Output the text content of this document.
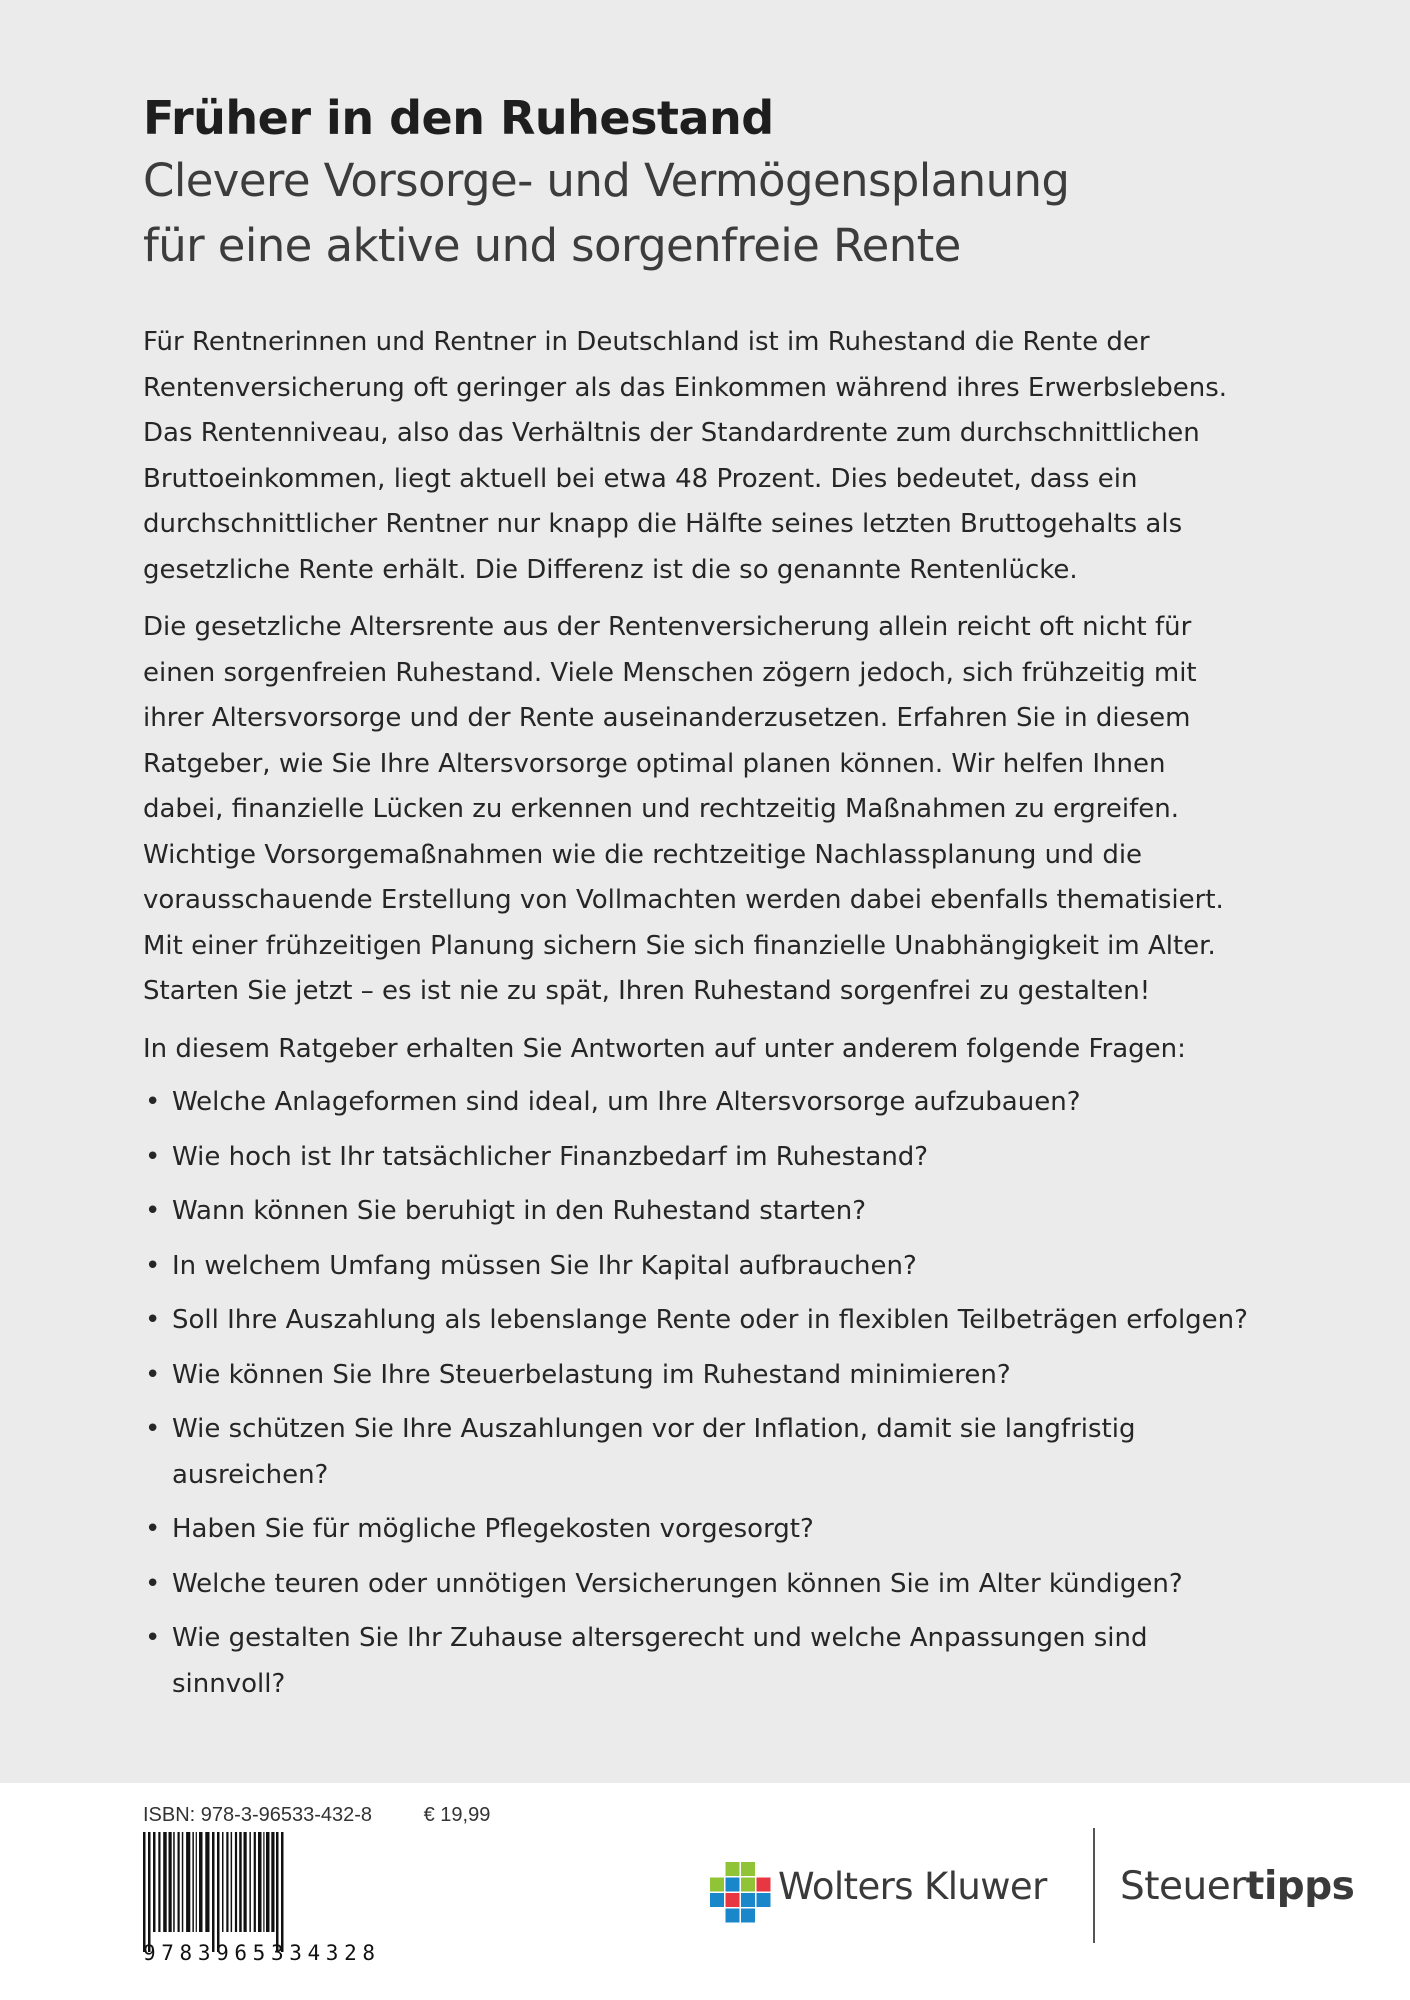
Früher in den Ruhestand
Clevere Vorsorge- und Vermögensplanung
für eine aktive und sorgenfreie Rente
Für Rentnerinnen und Rentner in Deutschland ist im Ruhestand die Rente der
Rentenversicherung oft geringer als das Einkommen während ihres Erwerbslebens.
Das Rentenniveau, also das Verhältnis der Standardrente zum durchschnittlichen
Bruttoeinkommen, liegt aktuell bei etwa 48 Prozent. Dies bedeutet, dass ein
durchschnittlicher Rentner nur knapp die Hälfte seines letzten Bruttogehalts als
gesetzliche Rente erhält. Die Differenz ist die so genannte Rentenlücke.
Die gesetzliche Altersrente aus der Rentenversicherung allein reicht oft nicht für
einen sorgenfreien Ruhestand. Viele Menschen zögern jedoch, sich frühzeitig mit
ihrer Altersvorsorge und der Rente auseinanderzusetzen. Erfahren Sie in diesem
Ratgeber, wie Sie Ihre Altersvorsorge optimal planen können. Wir helfen Ihnen
dabei, finanzielle Lücken zu erkennen und rechtzeitig Maßnahmen zu ergreifen.
Wichtige Vorsorgemaßnahmen wie die rechtzeitige Nachlassplanung und die
vorausschauende Erstellung von Vollmachten werden dabei ebenfalls thematisiert.
Mit einer frühzeitigen Planung sichern Sie sich finanzielle Unabhängigkeit im Alter.
Starten Sie jetzt – es ist nie zu spät, Ihren Ruhestand sorgenfrei zu gestalten!
In diesem Ratgeber erhalten Sie Antworten auf unter anderem folgende Fragen:
• Welche Anlageformen sind ideal, um Ihre Altersvorsorge aufzubauen?
• Wie hoch ist Ihr tatsächlicher Finanzbedarf im Ruhestand?
• Wann können Sie beruhigt in den Ruhestand starten?
• In welchem Umfang müssen Sie Ihr Kapital aufbrauchen?
• Soll Ihre Auszahlung als lebenslange Rente oder in flexiblen Teilbeträgen erfolgen?
• Wie können Sie Ihre Steuerbelastung im Ruhestand minimieren?
• Wie schützen Sie Ihre Auszahlungen vor der Inflation, damit sie langfristig
ausreichen?
• Haben Sie für mögliche Pflegekosten vorgesorgt?
• Welche teuren oder unnötigen Versicherungen können Sie im Alter kündigen?
• Wie gestalten Sie Ihr Zuhause altersgerecht und welche Anpassungen sind
sinnvoll?
ISBN: 978-3-96533-432-8	€ 19,99
9783965334328
Wolters Kluwer Steuertipps
